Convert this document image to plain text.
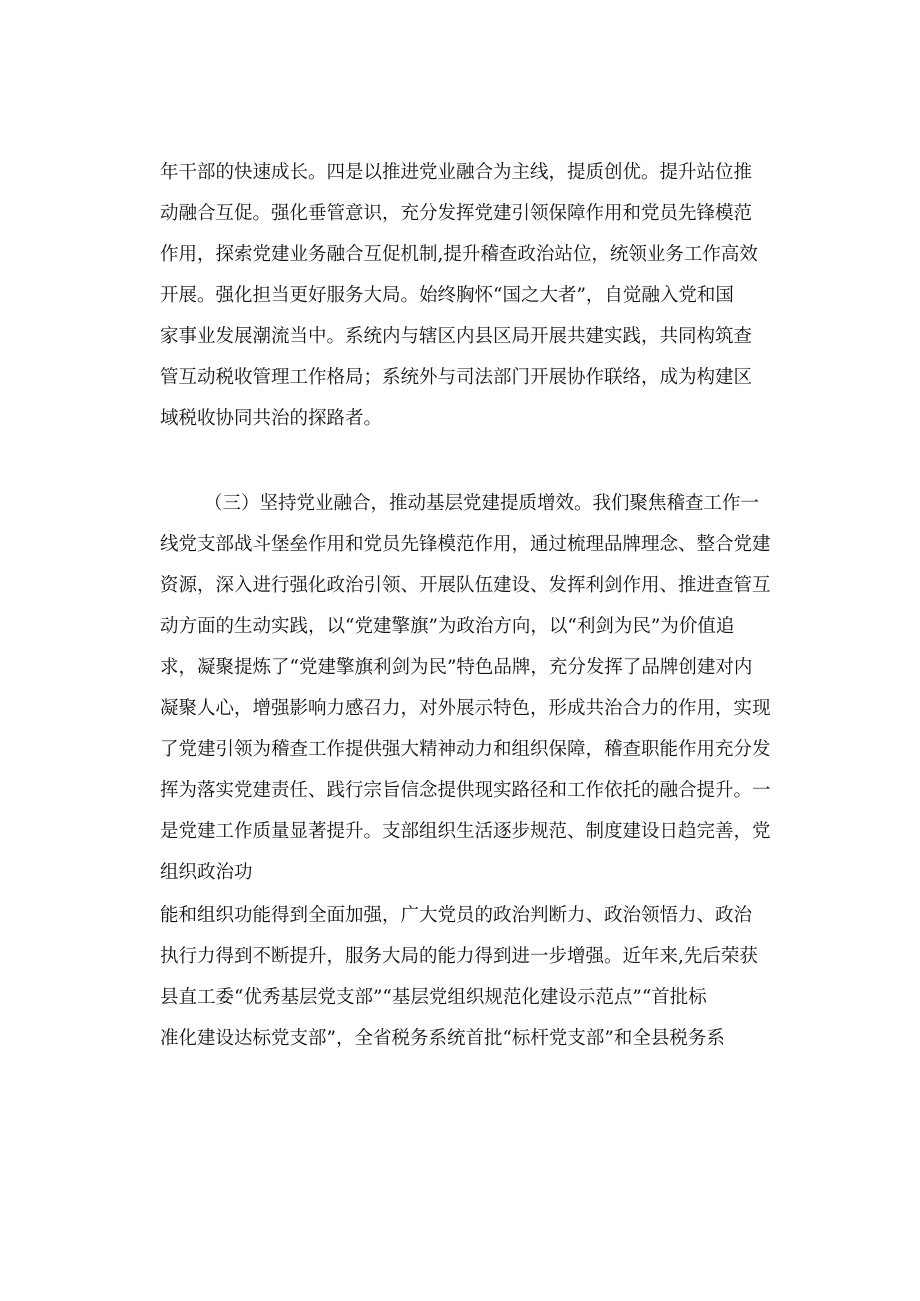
年干部的快速成长。四是以推进党业融合为主线，提质创优。提升站位推
动融合互促。强化垂管意识，充分发挥党建引领保障作用和党员先锋模范
作用，探索党建业务融合互促机制,提升稽查政治站位，统领业务工作高效
开展。强化担当更好服务大局。始终胸怀“国之大者”，自觉融入党和国
家事业发展潮流当中。系统内与辖区内县区局开展共建实践，共同构筑查
管互动税收管理工作格局；系统外与司法部门开展协作联络，成为构建区
域税收协同共治的探路者。
（三）坚持党业融合，推动基层党建提质增效。我们聚焦稽查工作一
线党支部战斗堡垒作用和党员先锋模范作用，通过梳理品牌理念、整合党建
资源，深入进行强化政治引领、开展队伍建设、发挥利剑作用、推进查管互
动方面的生动实践，以“党建擎旗”为政治方向，以“利剑为民”为价值追
求，凝聚提炼了“党建擎旗利剑为民”特色品牌，充分发挥了品牌创建对内
凝聚人心，增强影响力感召力，对外展示特色，形成共治合力的作用，实现
了党建引领为稽查工作提供强大精神动力和组织保障，稽查职能作用充分发
挥为落实党建责任、践行宗旨信念提供现实路径和工作依托的融合提升。一
是党建工作质量显著提升。支部组织生活逐步规范、制度建设日趋完善，党
组织政治功
能和组织功能得到全面加强，广大党员的政治判断力、政治领悟力、政治
执行力得到不断提升，服务大局的能力得到进一步增强。近年来,先后荣获
县直工委“优秀基层党支部”“基层党组织规范化建设示范点”“首批标
准化建设达标党支部”，全省税务系统首批“标杆党支部”和全县税务系
